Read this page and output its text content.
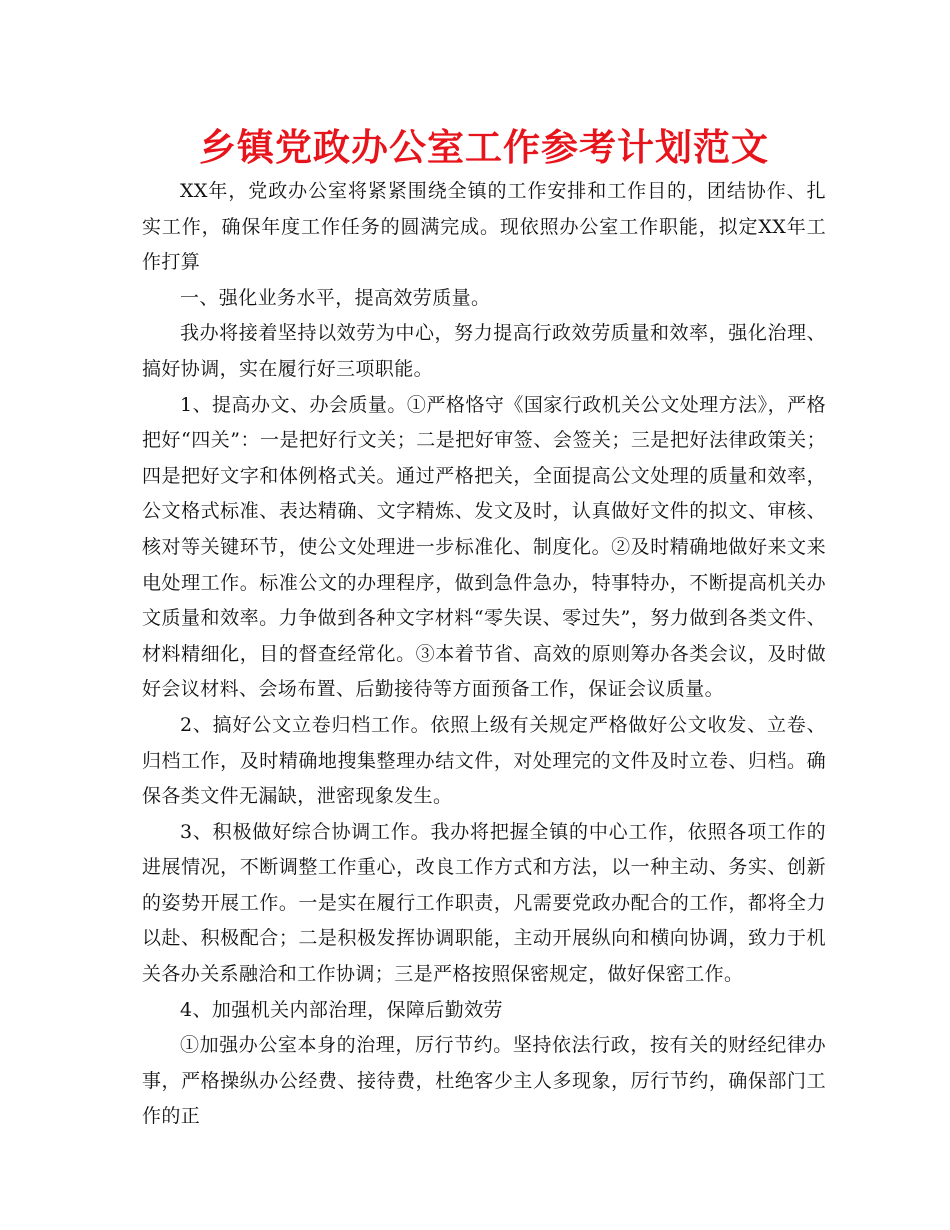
乡镇党政办公室工作参考计划范文

XX年，党政办公室将紧紧围绕全镇的工作安排和工作目的，团结协作、扎实工作，确保年度工作任务的圆满完成。现依照办公室工作职能，拟定XX年工作打算

一、强化业务水平，提高效劳质量。

我办将接着坚持以效劳为中心，努力提高行政效劳质量和效率，强化治理、搞好协调，实在履行好三项职能。

1、提高办文、办会质量。①严格恪守《国家行政机关公文处理方法》，严格把好“四关”：一是把好行文关；二是把好审签、会签关；三是把好法律政策关；四是把好文字和体例格式关。通过严格把关，全面提高公文处理的质量和效率，公文格式标准、表达精确、文字精炼、发文及时，认真做好文件的拟文、审核、核对等关键环节，使公文处理进一步标准化、制度化。②及时精确地做好来文来电处理工作。标准公文的办理程序，做到急件急办，特事特办，不断提高机关办文质量和效率。力争做到各种文字材料“零失误、零过失”，努力做到各类文件、材料精细化，目的督查经常化。③本着节省、高效的原则筹办各类会议，及时做好会议材料、会场布置、后勤接待等方面预备工作，保证会议质量。

2、搞好公文立卷归档工作。依照上级有关规定严格做好公文收发、立卷、归档工作，及时精确地搜集整理办结文件，对处理完的文件及时立卷、归档。确保各类文件无漏缺，泄密现象发生。

3、积极做好综合协调工作。我办将把握全镇的中心工作，依照各项工作的进展情况，不断调整工作重心，改良工作方式和方法，以一种主动、务实、创新的姿势开展工作。一是实在履行工作职责，凡需要党政办配合的工作，都将全力以赴、积极配合；二是积极发挥协调职能，主动开展纵向和横向协调，致力于机关各办关系融洽和工作协调；三是严格按照保密规定，做好保密工作。

4、加强机关内部治理，保障后勤效劳

①加强办公室本身的治理，厉行节约。坚持依法行政，按有关的财经纪律办事，严格操纵办公经费、接待费，杜绝客少主人多现象，厉行节约，确保部门工作的正
